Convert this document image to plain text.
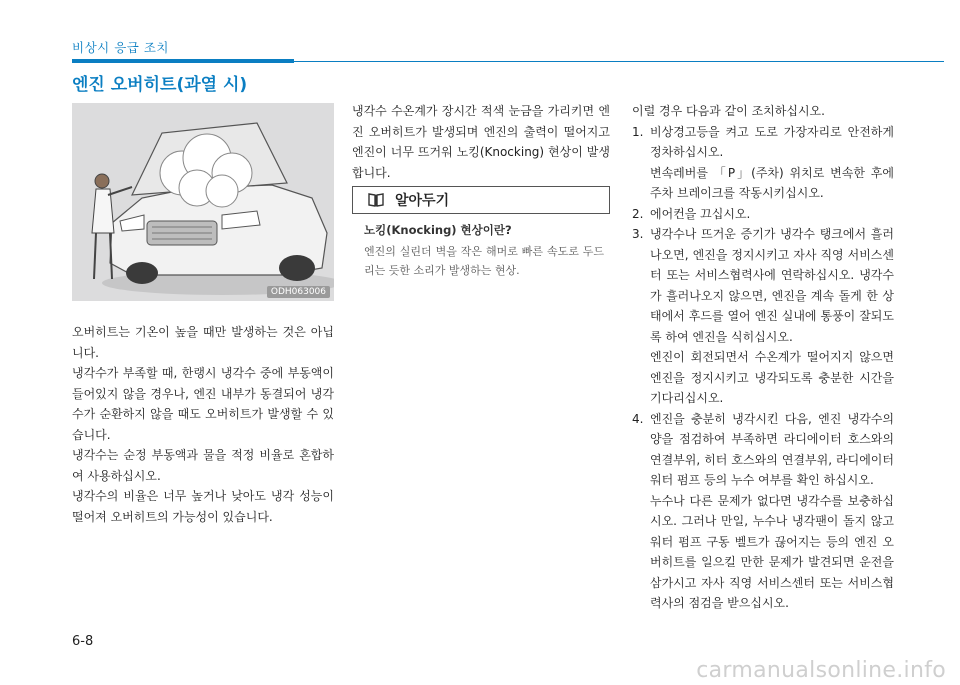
비상시 응급 조치
엔진 오버히트(과열 시)
ODH063006

오버히트는 기온이 높을 때만 발생하는 것은 아닙니다.

냉각수가 부족할 때, 한랭시 냉각수 중에 부동액이 들어있지 않을 경우나, 엔진 내부가 동결되어 냉각수가 순환하지 않을 때도 오버히트가 발생할 수 있습니다.

냉각수는 순정 부동액과 물을 적정 비율로 혼합하여 사용하십시오.

냉각수의 비율은 너무 높거나 낮아도 냉각 성능이 떨어져 오버히트의 가능성이 있습니다.

냉각수 수온계가 장시간 적색 눈금을 가리키면 엔진 오버히트가 발생되며 엔진의 출력이 떨어지고 엔진이 너무 뜨거워 노킹(Knocking) 현상이 발생합니다.

알아두기
노킹(Knocking) 현상이란?
엔진의 실린더 벽을 작은 해머로 빠른 속도로 두드리는 듯한 소리가 발생하는 현상.

이럴 경우 다음과 같이 조치하십시오.

1. 비상경고등을 켜고 도로 가장자리로 안전하게 정차하십시오.

변속레버를 「P」(주차) 위치로 변속한 후에 주차 브레이크를 작동시키십시오.

2. 에어컨을 끄십시오.

3. 냉각수나 뜨거운 증기가 냉각수 탱크에서 흘러 나오면, 엔진을 정지시키고 자사 직영 서비스센터 또는 서비스협력사에 연락하십시오. 냉각수가 흘러나오지 않으면, 엔진을 계속 돌게 한 상태에서 후드를 열어 엔진 실내에 통풍이 잘되도록 하여 엔진을 식히십시오.

엔진이 회전되면서 수온계가 떨어지지 않으면 엔진을 정지시키고 냉각되도록 충분한 시간을 기다리십시오.

4. 엔진을 충분히 냉각시킨 다음, 엔진 냉각수의 양을 점검하여 부족하면 라디에이터 호스와의 연결부위, 히터 호스와의 연결부위, 라디에이터 워터 펌프 등의 누수 여부를 확인 하십시오.

누수나 다른 문제가 없다면 냉각수를 보충하십시오. 그러나 만일, 누수나 냉각팬이 돌지 않고 워터 펌프 구동 벨트가 끊어지는 등의 엔진 오버히트를 일으킬 만한 문제가 발견되면 운전을 삼가시고 자사 직영 서비스센터 또는 서비스협력사의 점검을 받으십시오.

6-8
carmanualsonline.info
